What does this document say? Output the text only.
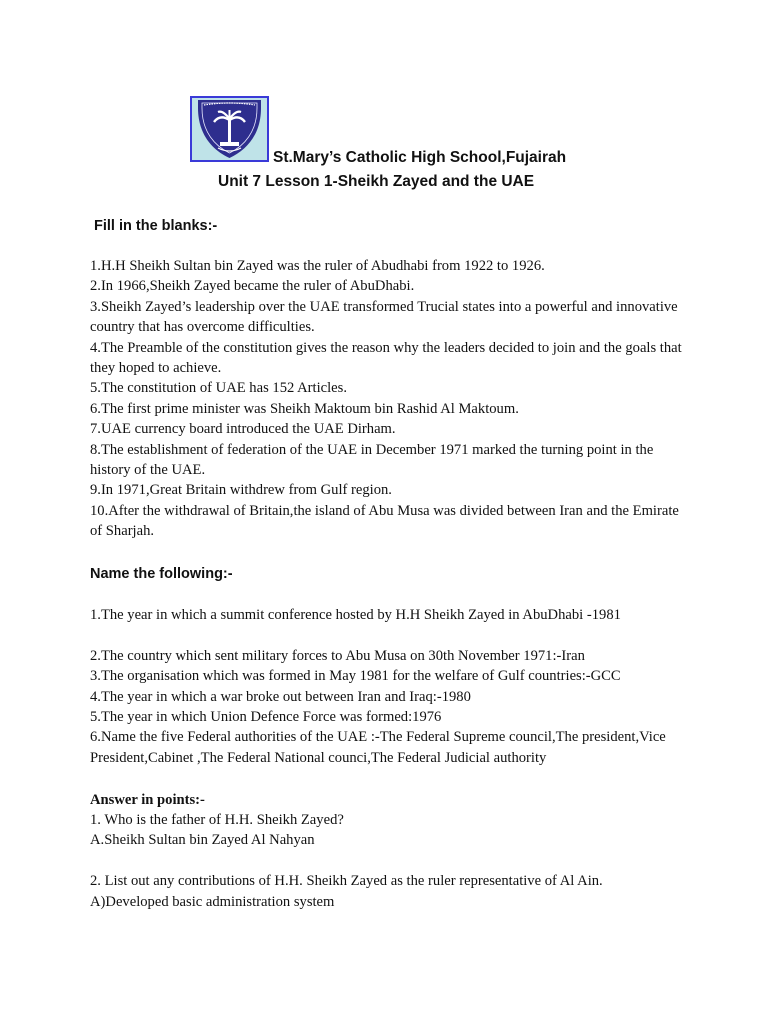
St.Mary’s Catholic High School,Fujairah
Unit 7 Lesson 1-Sheikh Zayed and the UAE
Fill in the blanks:-
1.H.H Sheikh Sultan bin Zayed was the ruler of Abudhabi from 1922 to 1926.
2.In 1966,Sheikh Zayed became the ruler of AbuDhabi.
3.Sheikh Zayed’s leadership over the UAE transformed Trucial states into a powerful and innovative country that has overcome difficulties.
4.The Preamble of the constitution gives the reason why the leaders decided to join and the goals that they hoped to achieve.
5.The constitution of UAE has 152 Articles.
6.The first prime minister was Sheikh Maktoum bin Rashid Al Maktoum.
7.UAE currency board introduced the UAE Dirham.
8.The establishment of federation of the UAE in December 1971 marked the turning point in the history of the UAE.
9.In 1971,Great Britain withdrew from Gulf region.
10.After the withdrawal of Britain,the island of Abu Musa was divided between Iran and the Emirate of Sharjah.
Name the following:-
1.The year in which a summit conference hosted by H.H Sheikh Zayed in AbuDhabi -1981
2.The country which sent military forces to Abu Musa on 30th November 1971:-Iran
3.The organisation which was formed in May 1981 for the welfare of Gulf countries:-GCC
4.The year in which a war broke out between Iran and Iraq:-1980
5.The year in which Union Defence Force was formed:1976
6.Name the five Federal authorities of the UAE :-The Federal Supreme council,The president,Vice President,Cabinet ,The Federal National counci,The Federal Judicial authority
Answer in points:-
1. Who is the father of H.H. Sheikh Zayed?
A.Sheikh Sultan bin Zayed Al Nahyan
2. List out any contributions of H.H. Sheikh Zayed as the ruler representative of Al Ain.
A)Developed basic administration system
